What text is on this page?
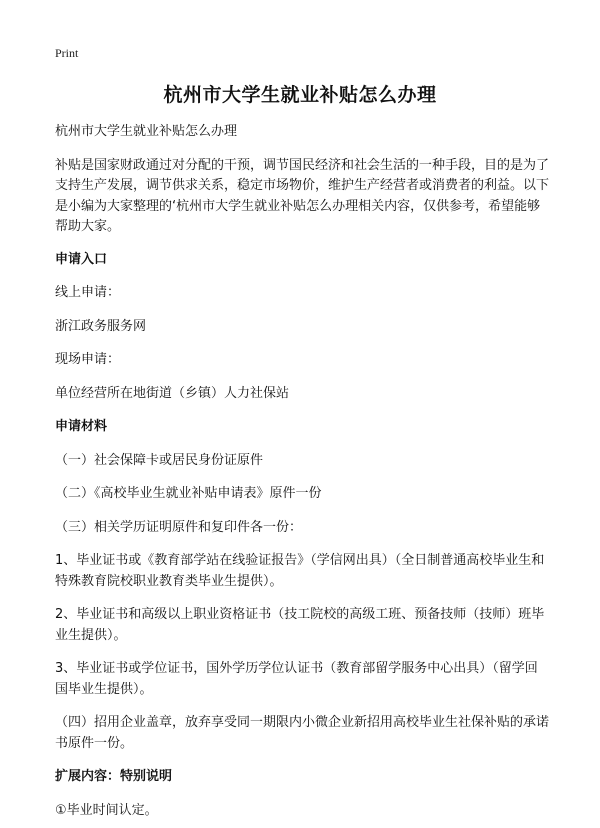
Print
杭州市大学生就业补贴怎么办理

杭州市大学生就业补贴怎么办理

补贴是国家财政通过对分配的干预，调节国民经济和社会生活的一种手段，目的是为了支持生产发展，调节供求关系，稳定市场物价，维护生产经营者或消费者的利益。以下是小编为大家整理的‘杭州市大学生就业补贴怎么办理相关内容，仅供参考，希望能够帮助大家。

申请入口

线上申请：

浙江政务服务网

现场申请：

单位经营所在地街道（乡镇）人力社保站

申请材料

（一）社会保障卡或居民身份证原件

（二）《高校毕业生就业补贴申请表》原件一份

（三）相关学历证明原件和复印件各一份：

1、毕业证书或《教育部学站在线验证报告》（学信网出具）（全日制普通高校毕业生和特殊教育院校职业教育类毕业生提供）。

2、毕业证书和高级以上职业资格证书（技工院校的高级工班、预备技师（技师）班毕业生提供）。

3、毕业证书或学位证书，国外学历学位认证书（教育部留学服务中心出具）（留学回国毕业生提供）。

（四）招用企业盖章，放弃享受同一期限内小微企业新招用高校毕业生社保补贴的承诺书原件一份。

扩展内容：特别说明

①毕业时间认定。
